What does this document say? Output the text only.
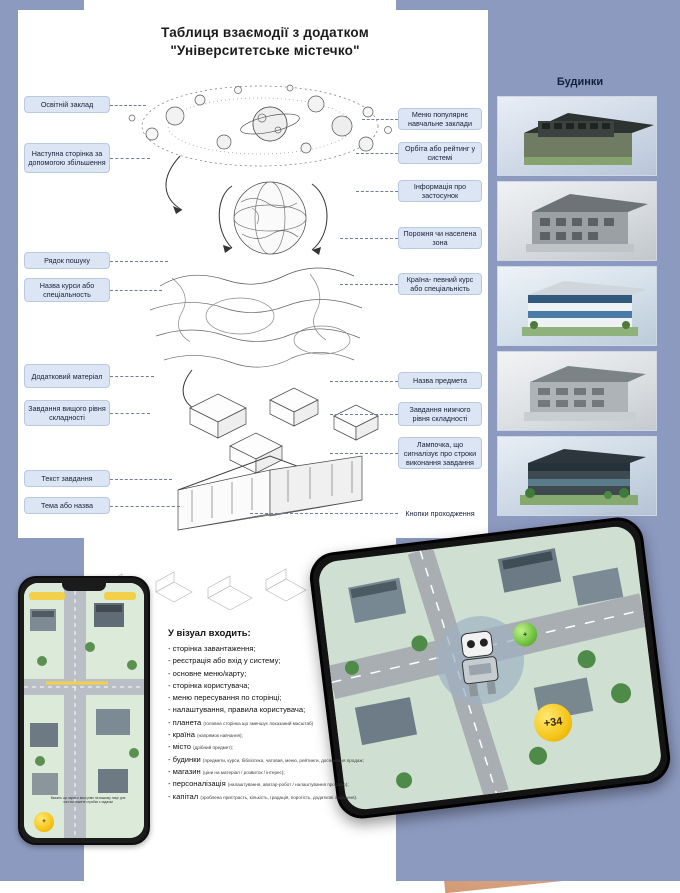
Таблиця взаємодії з додатком
"Університетське містечко"
Освітній заклад
Наступна сторінка за допомогою збільшення
Рядок пошуку
Назва курси або спеціальность
Додатковий матеріал
Завдання вищого рівня складності
Текст завдання
Тема або назва
Меню популярнє навчальне заклади
Орбіта або рейтинг у системі
Інформація про застосунок
Порожня чи населена зона
Країна- певний курс або спеціальність
Назва предмета
Завдання нижчого рівня складності
Лампочка, що сигналізує про строки виконання завдання
Кнопки проходження
Будинки
+
Вкажіть що зараз є ваші рівні на вашому лице для чого ви можете стрибки з задачки
+34
+
У візуал входить:
- сторінка завантаження;
- реєстрація або вхід у систему;
- основне меню/карту;
- сторінка користувача;
- меню пересування по сторінці;
- налаштування, правила користувача;
- планета (головна сторінка що зменшує показаний масштаб)
- країна (напрямок навчання);
- місто (дрібний предмет);
- будинки (предмети, курси, бібліотека, чатовая, меню, рейтинги, досягнення продаж;
- магазин (ціни на матеріал / розвиток / інтерес);
- персоналізація (налаштування, аватар-робот / налаштування профілю);
- капітал (зроблена пристрасть, кількість, градація, порогість, додаткові завдання).
